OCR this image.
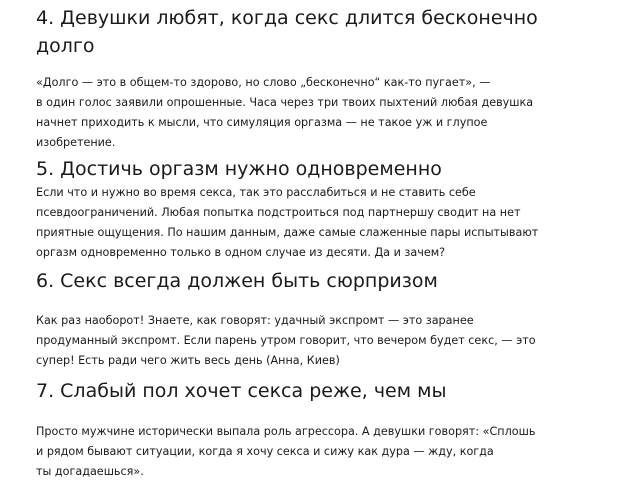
4. Девушки любят, когда секс длится бесконечно
долго

«Долго — это в общем-то здорово, но слово „бесконечно“ как-то пугает», —
в один голос заявили опрошенные. Часа через три твоих пыхтений любая девушка
начнет приходить к мысли, что симуляция оргазма — не такое уж и глупое
изобретение.

5. Достичь оргазм нужно одновременно

Если что и нужно во время секса, так это расслабиться и не ставить себе
псевдоограничений. Любая попытка подстроиться под партнершу сводит на нет
приятные ощущения. По нашим данным, даже самые слаженные пары испытывают
оргазм одновременно только в одном случае из десяти. Да и зачем?

6. Секс всегда должен быть сюрпризом

Как раз наоборот! Знаете, как говорят: удачный экспромт — это заранее
продуманный экспромт. Если парень утром говорит, что вечером будет секс, — это
супер! Есть ради чего жить весь день (Анна, Киев)

7. Слабый пол хочет секса реже, чем мы

Просто мужчине исторически выпала роль агрессора. А девушки говорят: «Сплошь
и рядом бывают ситуации, когда я хочу секса и сижу как дура — жду, когда
ты догадаешься».
